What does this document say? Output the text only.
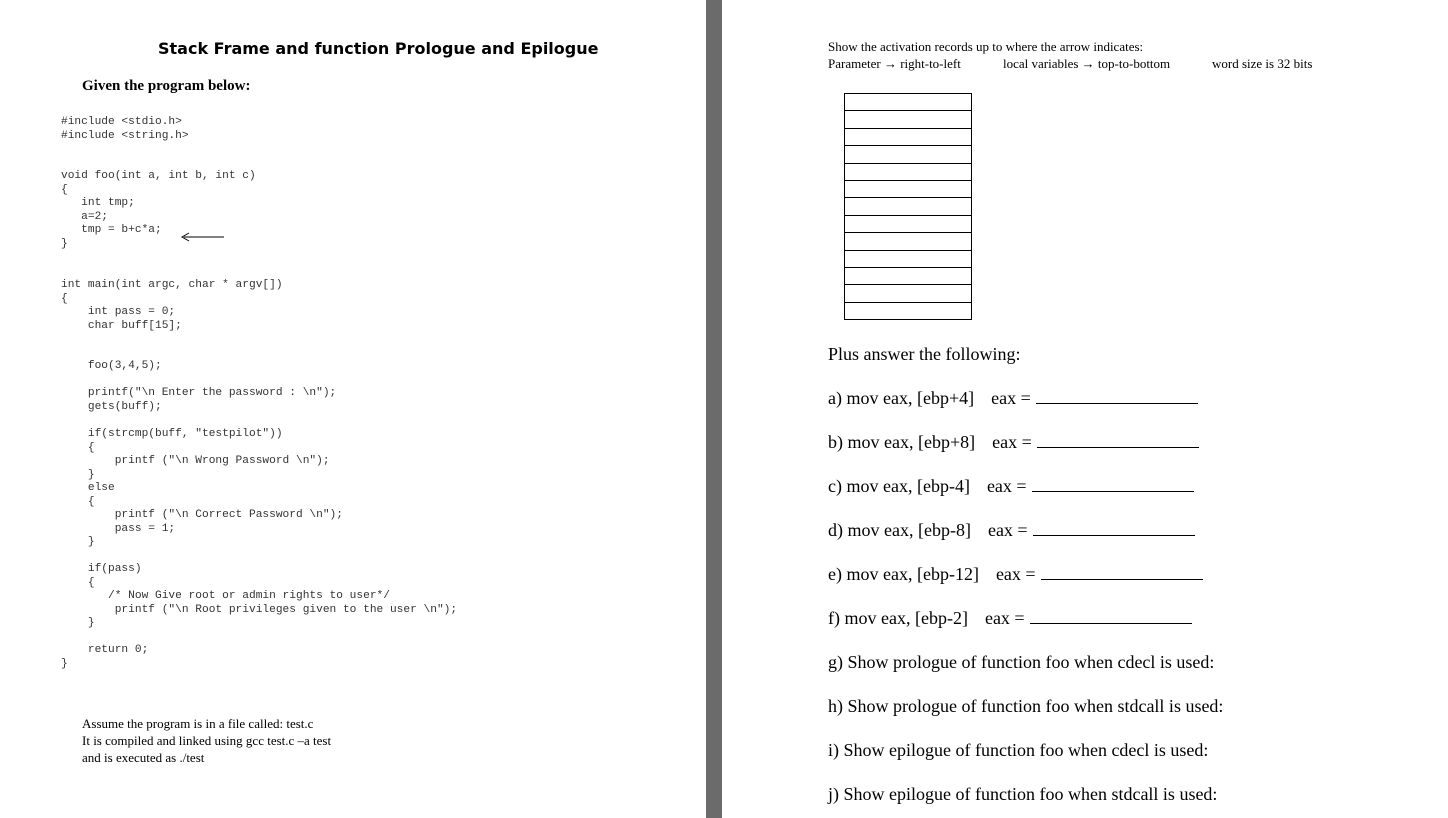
Stack Frame and function Prologue and Epilogue
Given the program below:
#include <stdio.h>
#include <string.h>
void foo(int a, int b, int c)
{
int tmp;
a=2;
tmp = b+c*a;
}
int main(int argc, char * argv[])
{
int pass = 0;
char buff[15];
foo(3,4,5);
printf("\n Enter the password : \n");
gets(buff);
if(strcmp(buff, "testpilot"))
{
printf ("\n Wrong Password \n");
}
else
{
printf ("\n Correct Password \n");
pass = 1;
}
if(pass)
{
/* Now Give root or admin rights to user*/
printf ("\n Root privileges given to the user \n");
}
return 0;
}
Assume the program is in a file called: test.c
It is compiled and linked using gcc test.c –a test
and is executed as ./test
Show the activation records up to where the arrow indicates:
Parameter → right-to-left	local variables → top-to-bottom	word size is 32 bits

Plus answer the following:
a) mov eax, [ebp+4] eax =
b) mov eax, [ebp+8] eax =
c) mov eax, [ebp-4] eax =
d) mov eax, [ebp-8] eax =
e) mov eax, [ebp-12] eax =
f) mov eax, [ebp-2] eax =
g) Show prologue of function foo when cdecl is used:
h) Show prologue of function foo when stdcall is used:
i) Show epilogue of function foo when cdecl is used:
j) Show epilogue of function foo when stdcall is used:
